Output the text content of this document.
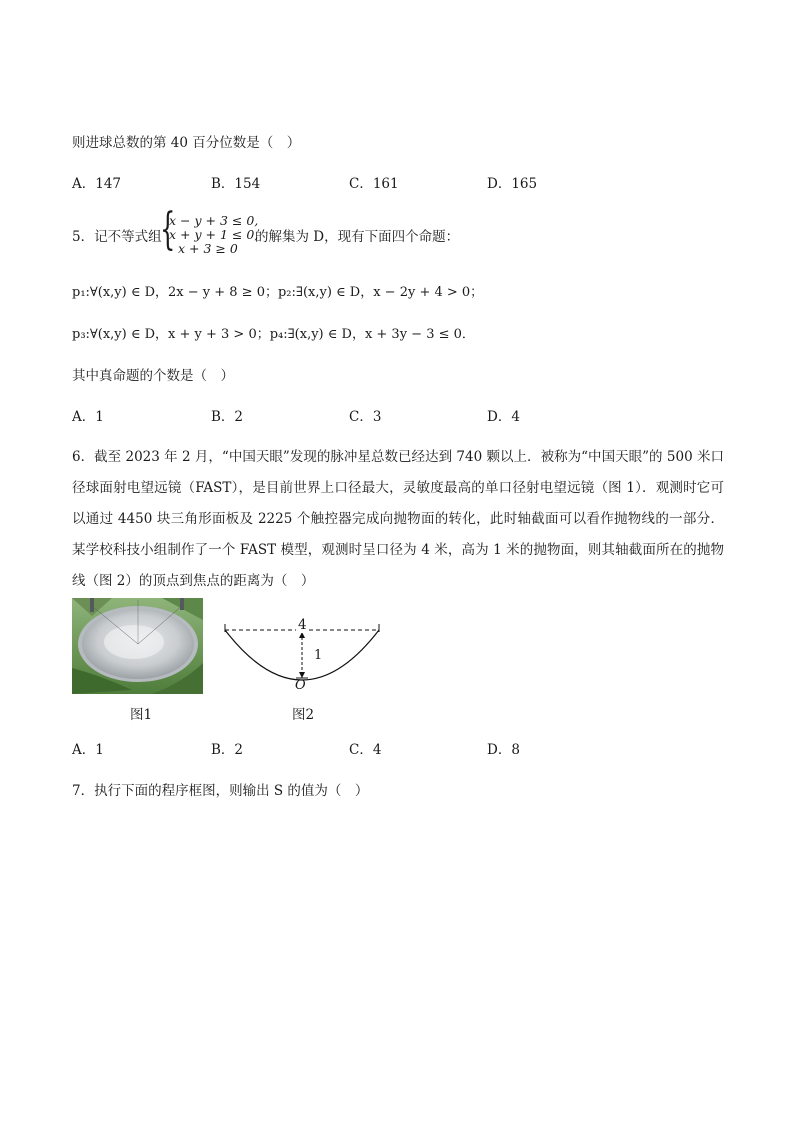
则进球总数的第 40 百分位数是（　）
A．147	B．154	C．161	D．165
5．记不等式组
{
x − y + 3 ≤ 0,
x + y + 1 ≤ 0,
x + 3 ≥ 0
的解集为 D，现有下面四个命题：
p₁:∀(x,y) ∈ D，2x − y + 8 ≥ 0；p₂:∃(x,y) ∈ D，x − 2y + 4 > 0；
p₃:∀(x,y) ∈ D，x + y + 3 > 0；p₄:∃(x,y) ∈ D，x + 3y − 3 ≤ 0．
其中真命题的个数是（　）
A．1	B．2	C．3	D．4
6．截至 2023 年 2 月，“中国天眼”发现的脉冲星总数已经达到 740 颗以上．被称为“中国天眼”的 500 米口径球面射电望远镜（FAST），是目前世界上口径最大，灵敏度最高的单口径射电望远镜（图 1）．观测时它可以通过 4450 块三角形面板及 2225 个触控器完成向抛物面的转化，此时轴截面可以看作抛物线的一部分．某学校科技小组制作了一个 FAST 模型，观测时呈口径为 4 米，高为 1 米的抛物面，则其轴截面所在的抛物线（图 2）的顶点到焦点的距离为（　）
图1
4
1
O
图2
A．1	B．2	C．4	D．8
7．执行下面的程序框图，则输出 S 的值为（　）
